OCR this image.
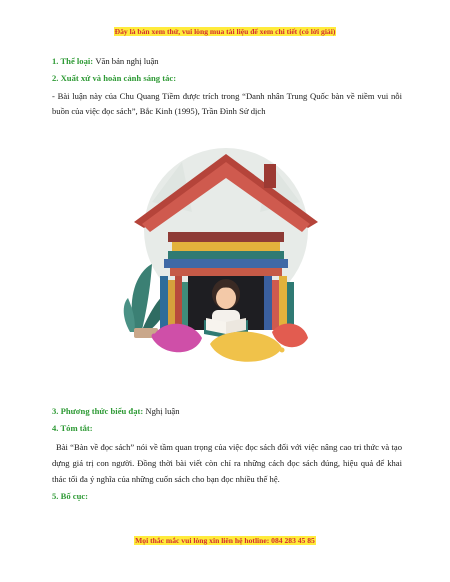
Đây là bản xem thử, vui lòng mua tài liệu để xem chi tiết (có lời giải)
1. Thể loại: Văn bản nghị luận
2. Xuất xứ và hoàn cảnh sáng tác:
- Bài luận này của Chu Quang Tiềm được trích trong “Danh nhân Trung Quốc bàn về niềm vui nỗi buồn của việc đọc sách”, Bắc Kinh (1995), Trần Đình Sử dịch
3. Phương thức biểu đạt: Nghị luận
4. Tóm tắt:
Bài “Bàn về đọc sách” nói về tầm quan trọng của việc đọc sách đối với việc nâng cao tri thức và tạo dựng giá trị con người. Đồng thời bài viết còn chỉ ra những cách đọc sách đúng, hiệu quả để khai thác tối đa ý nghĩa của những cuốn sách cho bạn đọc nhiều thế hệ.
5. Bố cục:
Mọi thắc mắc vui lòng xin liên hệ hotline: 084 283 45 85
